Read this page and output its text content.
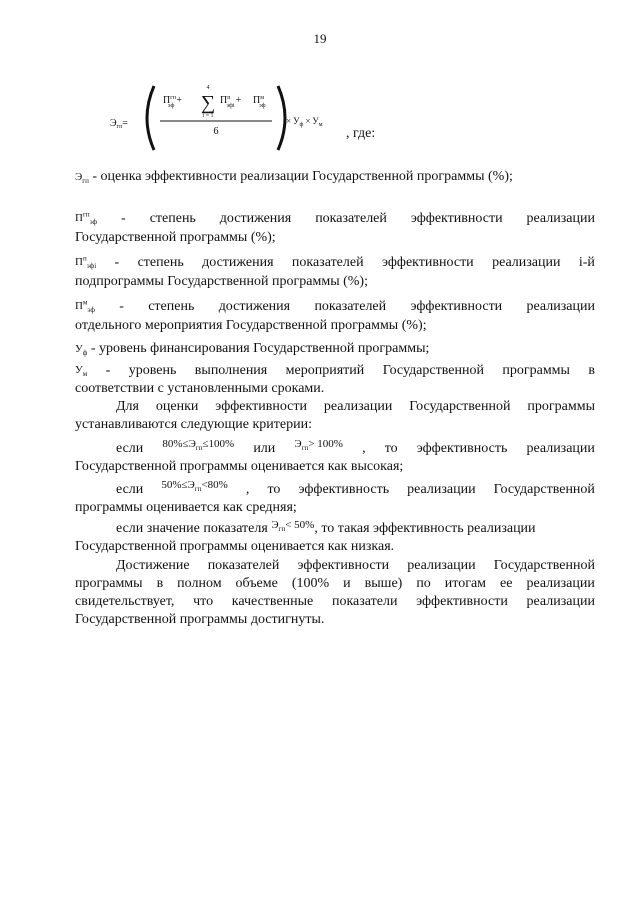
19
$Э_{гп}=$
$П^{гп}$ эф +
4
∑
i = 1
$П^п$ $эфi+ П^м$ эф
6
× $У_ф \times У_м$
, где:
$Э_{гп}$ - оценка эффективности реализации Государственной программы (%);
$П^{гп}_{эф}$ - степень достижения показателей эффективности реализации
Государственной программы (%);
$П^п_{эфi}$ - степень достижения показателей эффективности реализации i-й
подпрограммы Государственной программы (%);
$П^м_{эф}$ - степень достижения показателей эффективности реализации
отдельного мероприятия Государственной программы (%);
$У_ф$ - уровень финансирования Государственной программы;
$У_м$ - уровень выполнения мероприятий Государственной программы в
соответствии с установленными сроками.
Для оценки эффективности реализации Государственной программы
устанавливаются следующие критерии:
если $80\%\le Э_{гп}\le 100\%$ или $Э_{гп}> 100\%$ , то эффективность реализации
Государственной программы оценивается как высокая;
если $50\%\le Э_{гп}<80\%$ , то эффективность реализации Государственной
программы оценивается как средняя;
если значение показателя $^{Э_{гп}< 50\%}$, то такая эффективность реализации
Государственной программы оценивается как низкая.
Достижение показателей эффективности реализации Государственной
программы в полном объеме (100% и выше) по итогам ее реализации
свидетельствует, что качественные показатели эффективности реализации
Государственной программы достигнуты.
